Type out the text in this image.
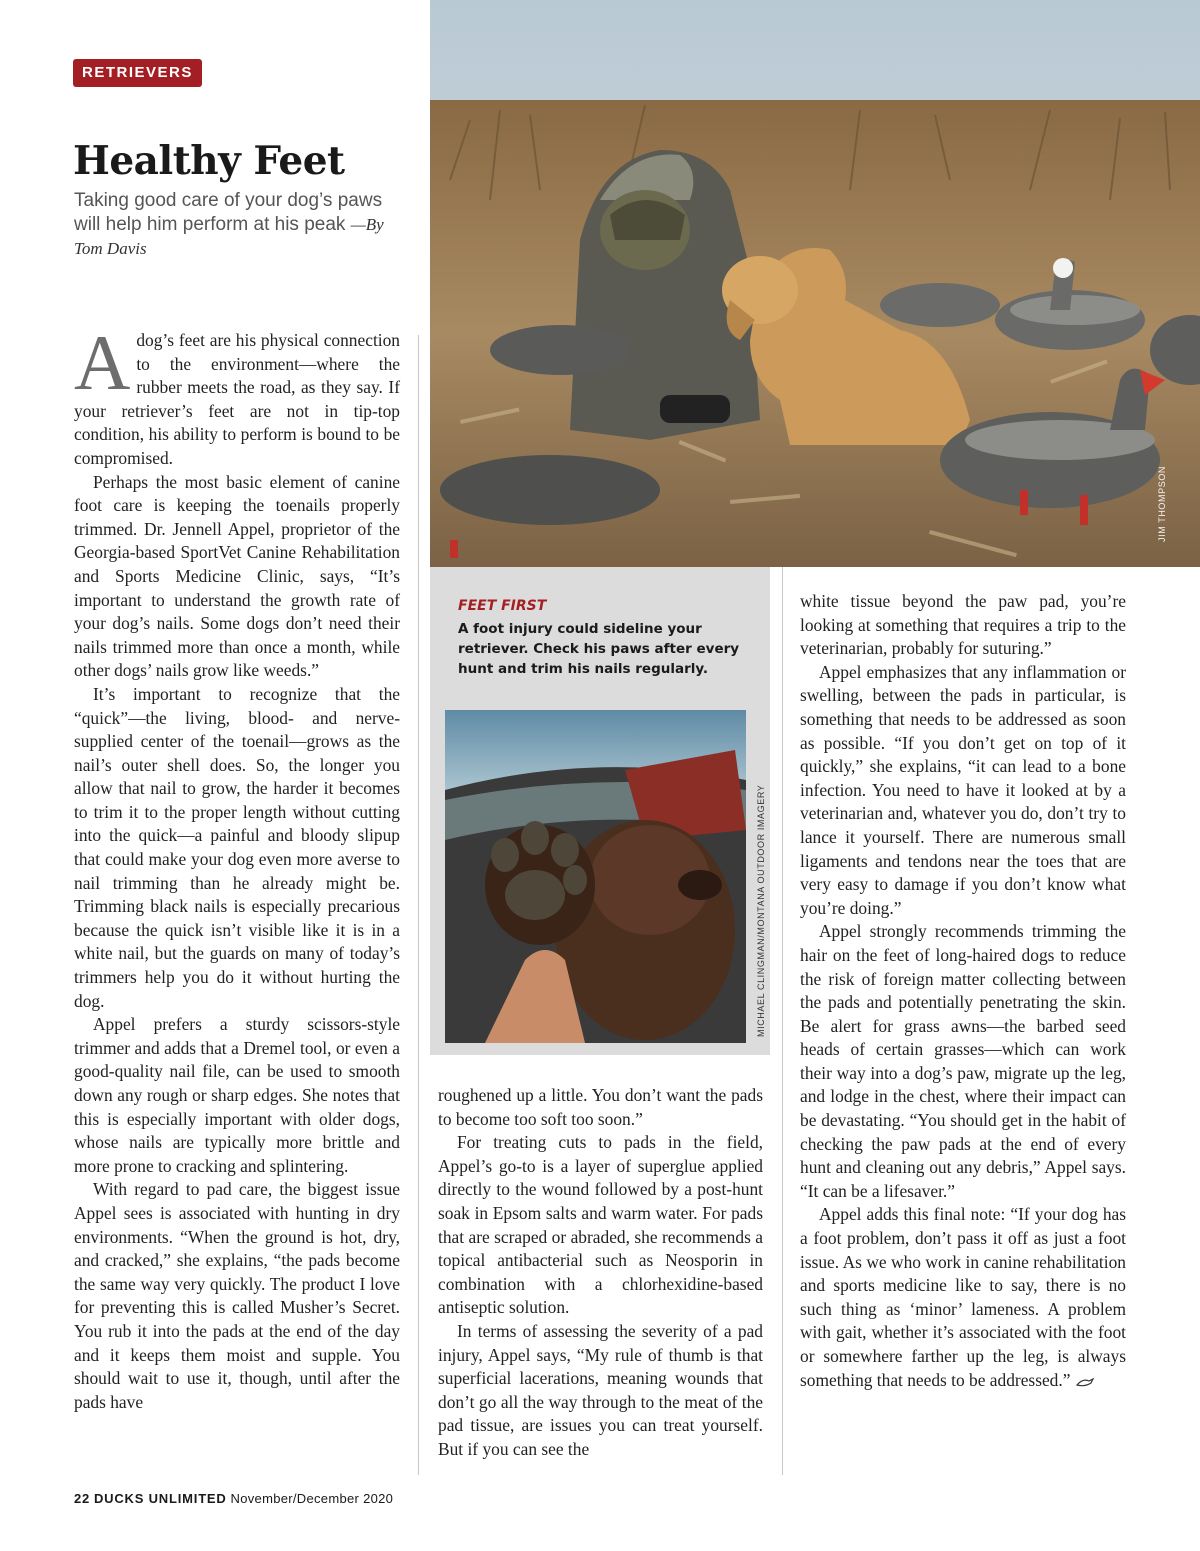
RETRIEVERS
Healthy Feet
Taking good care of your dog’s paws will help him perform at his peak —By Tom Davis

Adog’s feet are his physical connection to the environment—where the rubber meets the road, as they say. If your retriever’s feet are not in tip-top condition, his ability to perform is bound to be compromised.

Perhaps the most basic element of canine foot care is keeping the toenails properly trimmed. Dr. Jennell Appel, proprietor of the Georgia-based SportVet Canine Rehabilitation and Sports Medicine Clinic, says, “It’s important to understand the growth rate of your dog’s nails. Some dogs don’t need their nails trimmed more than once a month, while other dogs’ nails grow like weeds.”

It’s important to recognize that the “quick”—the living, blood- and nerve-supplied center of the toenail—grows as the nail’s outer shell does. So, the longer you allow that nail to grow, the harder it becomes to trim it to the proper length without cutting into the quick—a painful and bloody slipup that could make your dog even more averse to nail trimming than he already might be. Trimming black nails is especially precarious because the quick isn’t visible like it is in a white nail, but the guards on many of today’s trimmers help you do it without hurting the dog.

Appel prefers a sturdy scissors-style trimmer and adds that a Dremel tool, or even a good-quality nail file, can be used to smooth down any rough or sharp edges. She notes that this is especially important with older dogs, whose nails are typically more brittle and more prone to cracking and splintering.

With regard to pad care, the biggest issue Appel sees is associated with hunting in dry environments. “When the ground is hot, dry, and cracked,” she explains, “the pads become the same way very quickly. The product I love for preventing this is called Musher’s Secret. You rub it into the pads at the end of the day and it keeps them moist and supple. You should wait to use it, though, until after the pads have

JIM THOMPSON
FEET FIRST
A foot injury could sideline your retriever. Check his paws after every hunt and trim his nails regularly.
MICHAEL CLINGMAN/MONTANA OUTDOOR IMAGERY

roughened up a little. You don’t want the pads to become too soft too soon.”

For treating cuts to pads in the field, Appel’s go-to is a layer of superglue applied directly to the wound followed by a post-hunt soak in Epsom salts and warm water. For pads that are scraped or abraded, she recommends a topical antibacterial such as Neosporin in combination with a chlorhexidine-based antiseptic solution.

In terms of assessing the severity of a pad injury, Appel says, “My rule of thumb is that superficial lacerations, meaning wounds that don’t go all the way through to the meat of the pad tissue, are issues you can treat yourself. But if you can see the

white tissue beyond the paw pad, you’re looking at something that requires a trip to the veterinarian, probably for suturing.”

Appel emphasizes that any inflammation or swelling, between the pads in particular, is something that needs to be addressed as soon as possible. “If you don’t get on top of it quickly,” she explains, “it can lead to a bone infection. You need to have it looked at by a veterinarian and, whatever you do, don’t try to lance it yourself. There are numerous small ligaments and tendons near the toes that are very easy to damage if you don’t know what you’re doing.”

Appel strongly recommends trimming the hair on the feet of long-haired dogs to reduce the risk of foreign matter collecting between the pads and potentially penetrating the skin. Be alert for grass awns—the barbed seed heads of certain grasses—which can work their way into a dog’s paw, migrate up the leg, and lodge in the chest, where their impact can be devastating. “You should get in the habit of checking the paw pads at the end of every hunt and cleaning out any debris,” Appel says. “It can be a lifesaver.”

Appel adds this final note: “If your dog has a foot problem, don’t pass it off as just a foot issue. As we who work in canine rehabilitation and sports medicine like to say, there is no such thing as ‘minor’ lameness. A problem with gait, whether it’s associated with the foot or somewhere farther up the leg, is always something that needs to be addressed.”

22 DUCKS UNLIMITED November/December 2020
